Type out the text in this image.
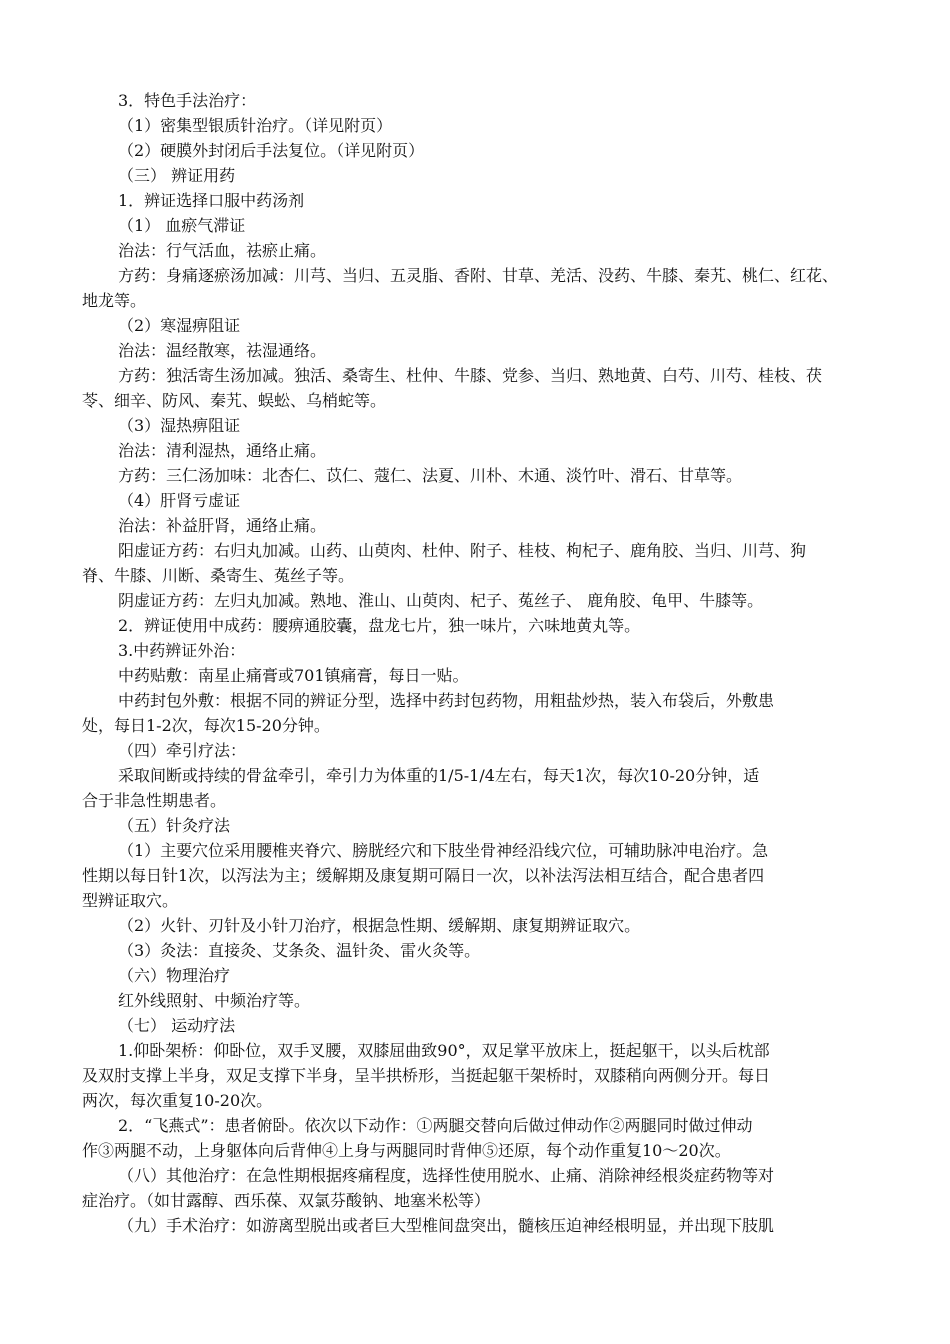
3．特色手法治疗：
（1）密集型银质针治疗。（详见附页）
（2）硬膜外封闭后手法复位。（详见附页）
（三） 辨证用药
1．辨证选择口服中药汤剂
（1） 血瘀气滞证
治法：行气活血，祛瘀止痛。
方药：身痛逐瘀汤加减：川芎、当归、五灵脂、香附、甘草、羌活、没药、牛膝、秦艽、桃仁、红花、
地龙等。
（2）寒湿痹阻证
治法：温经散寒，祛湿通络。
方药：独活寄生汤加减。独活、桑寄生、杜仲、牛膝、党参、当归、熟地黄、白芍、川芍、桂枝、茯
苓、细辛、防风、秦艽、蜈蚣、乌梢蛇等。
（3）湿热痹阻证
治法：清利湿热，通络止痛。
方药：三仁汤加味：北杏仁、苡仁、蔻仁、法夏、川朴、木通、淡竹叶、滑石、甘草等。
（4）肝肾亏虚证
治法：补益肝肾，通络止痛。
阳虚证方药：右归丸加减。山药、山萸肉、杜仲、附子、桂枝、枸杞子、鹿角胶、当归、川芎、狗
脊、牛膝、川断、桑寄生、菟丝子等。
阴虚证方药：左归丸加减。熟地、淮山、山萸肉、杞子、菟丝子、 鹿角胶、龟甲、牛膝等。
2．辨证使用中成药：腰痹通胶囊，盘龙七片，独一味片，六味地黄丸等。
3.中药辨证外治：
中药贴敷：南星止痛膏或701镇痛膏，每日一贴。
中药封包外敷：根据不同的辨证分型，选择中药封包药物，用粗盐炒热，装入布袋后，外敷患
处，每日1-2次，每次15-20分钟。
（四）牵引疗法：
采取间断或持续的骨盆牵引，牵引力为体重的1/5-1/4左右，每天1次，每次10-20分钟，适
合于非急性期患者。
（五）针灸疗法
（1）主要穴位采用腰椎夹脊穴、膀胱经穴和下肢坐骨神经沿线穴位，可辅助脉冲电治疗。急
性期以每日针1次，以泻法为主；缓解期及康复期可隔日一次，以补法泻法相互结合，配合患者四
型辨证取穴。
（2）火针、刃针及小针刀治疗，根据急性期、缓解期、康复期辨证取穴。
（3）灸法：直接灸、艾条灸、温针灸、雷火灸等。
（六）物理治疗
红外线照射、中频治疗等。
（七） 运动疗法
1.仰卧架桥：仰卧位，双手叉腰，双膝屈曲致90°，双足掌平放床上，挺起躯干，以头后枕部
及双肘支撑上半身，双足支撑下半身，呈半拱桥形，当挺起躯干架桥时，双膝稍向两侧分开。每日
两次，每次重复10-20次。
2．“飞燕式”：患者俯卧。依次以下动作：①两腿交替向后做过伸动作②两腿同时做过伸动
作③两腿不动，上身躯体向后背伸④上身与两腿同时背伸⑤还原，每个动作重复10～20次。
（八）其他治疗：在急性期根据疼痛程度，选择性使用脱水、止痛、消除神经根炎症药物等对
症治疗。（如甘露醇、西乐葆、双氯芬酸钠、地塞米松等）
（九）手术治疗：如游离型脱出或者巨大型椎间盘突出，髓核压迫神经根明显，并出现下肢肌
